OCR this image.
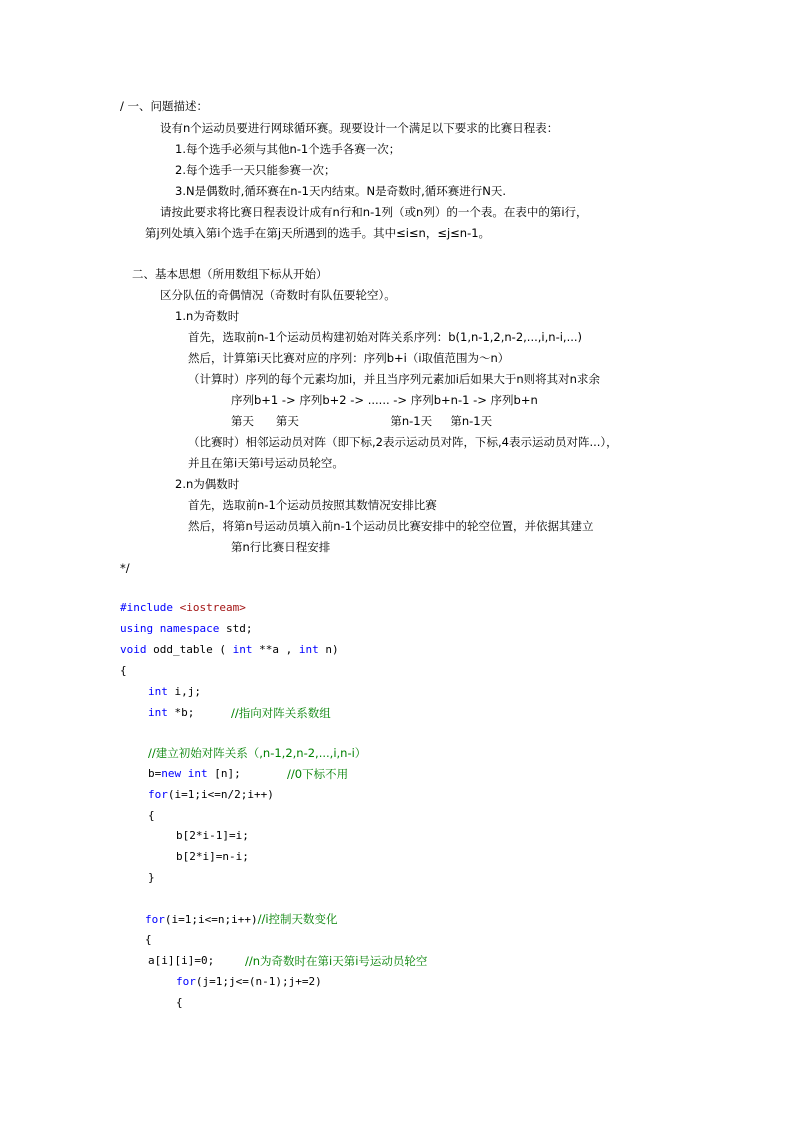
/ 一、问题描述：
设有n个运动员要进行网球循环赛。现要设计一个满足以下要求的比赛日程表：
1.每个选手必须与其他n-1个选手各赛一次；
2.每个选手一天只能参赛一次；
3.N是偶数时,循环赛在n-1天内结束。N是奇数时,循环赛进行N天.
请按此要求将比赛日程表设计成有n行和n-1列（或n列）的一个表。在表中的第i行，
第j列处填入第i个选手在第j天所遇到的选手。其中≤i≤n，≤j≤n-1。
二、基本思想（所用数组下标从开始）
区分队伍的奇偶情况（奇数时有队伍要轮空）。
1.n为奇数时
首先，选取前n-1个运动员构建初始对阵关系序列：b(1,n-1,2,n-2,...,i,n-i,...)
然后，计算第i天比赛对应的序列：序列b+i（i取值范围为～n）
（计算时）序列的每个元素均加i，并且当序列元素加i后如果大于n则将其对n求余
序列b+1 -> 序列b+2 -> ...... -> 序列b+n-1 -> 序列b+n
第天      第天                         第n-1天     第n-1天
（比赛时）相邻运动员对阵（即下标,2表示运动员对阵，下标,4表示运动员对阵...），
并且在第i天第i号运动员轮空。
2.n为偶数时
首先，选取前n-1个运动员按照其数情况安排比赛
然后，将第n号运动员填入前n-1个运动员比赛安排中的轮空位置，并依据其建立
第n行比赛日程安排
*/
#include <iostream>
using namespace std;
void odd_table ( int **a , int n)
{
int i,j;
int *b;	//指向对阵关系数组
//建立初始对阵关系（,n-1,2,n-2,...,i,n-i）
b=new int [n];	//0下标不用
for(i=1;i<=n/2;i++)
{
b[2*i-1]=i;
b[2*i]=n-i;
}
for(i=1;i<=n;i++)//i控制天数变化
{
a[i][i]=0;	//n为奇数时在第i天第i号运动员轮空
for(j=1;j<=(n-1);j+=2)
{
